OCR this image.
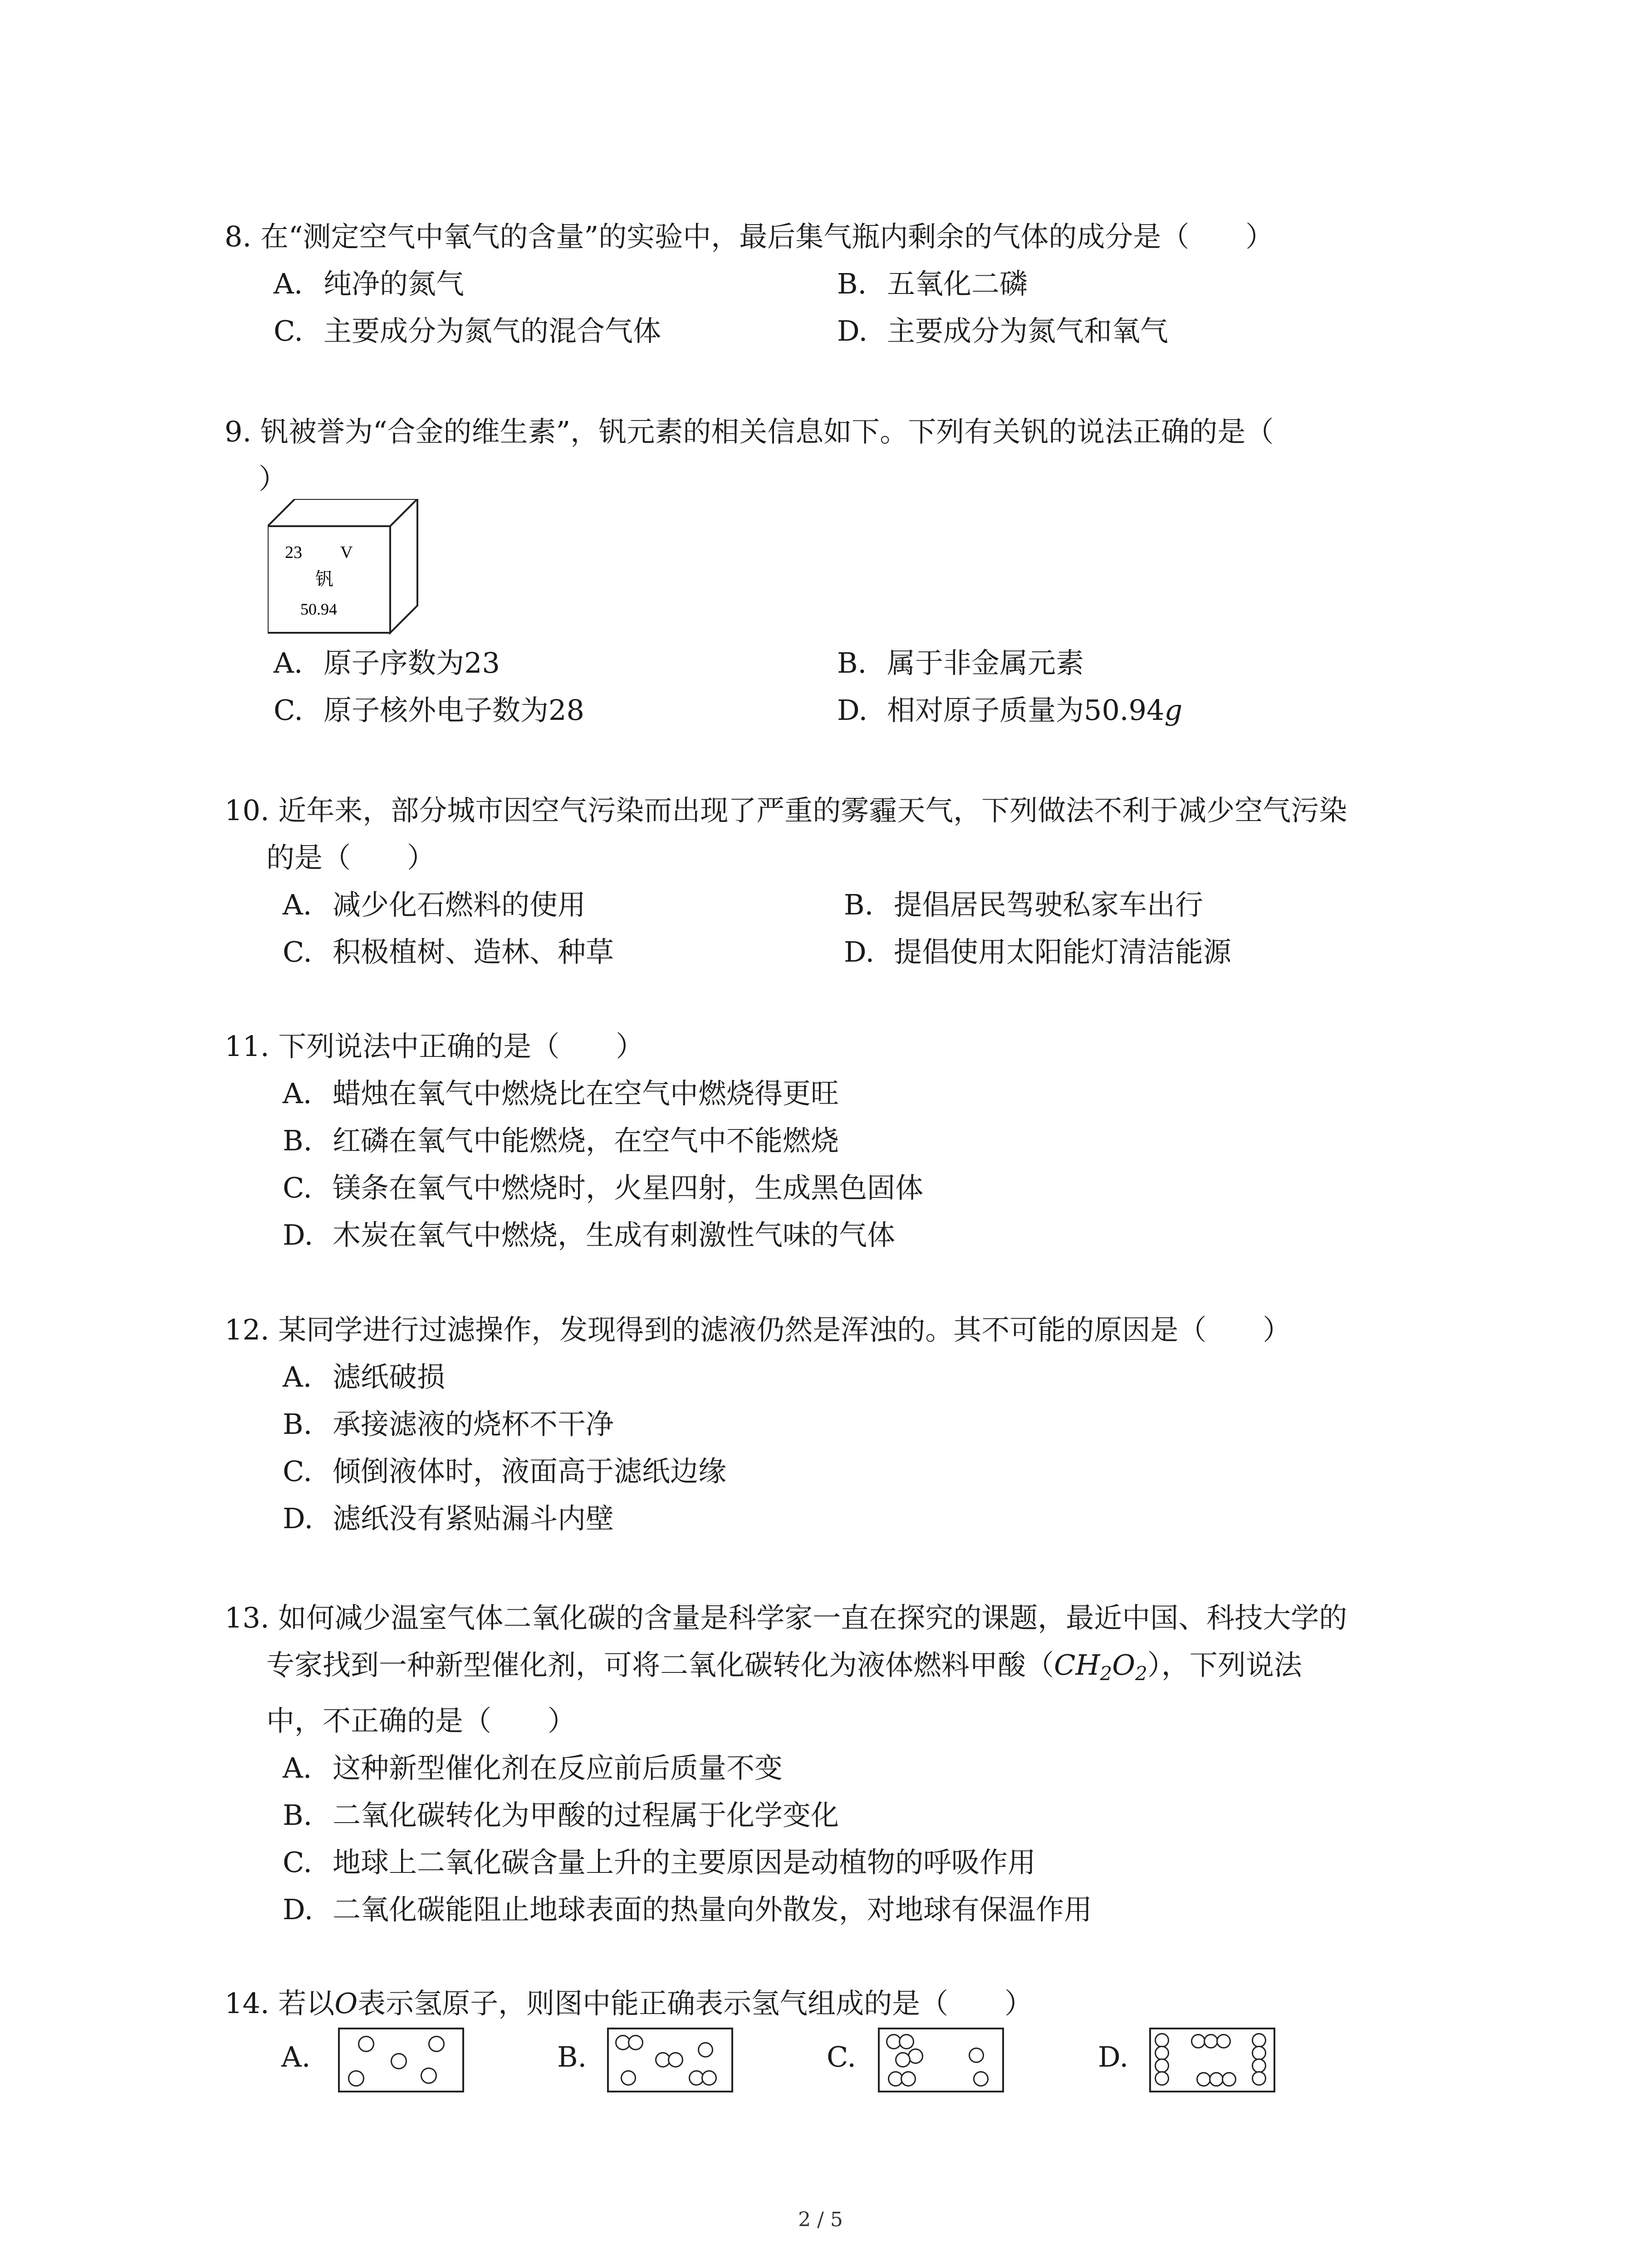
8. 在“测定空气中氧气的含量”的实验中，最后集气瓶内剩余的气体的成分是（　　）
A. 纯净的氮气	B. 五氧化二磷
C. 主要成分为氮气的混合气体	D. 主要成分为氮气和氧气
9. 钒被誉为“合金的维生素”，钒元素的相关信息如下。下列有关钒的说法正确的是（
）
23 V
钒
50.94
A. 原子序数为23	B. 属于非金属元素
C. 原子核外电子数为28	D. 相对原子质量为50.94g
10. 近年来，部分城市因空气污染而出现了严重的雾霾天气，下列做法不利于减少空气污染
的是（　　）
A. 减少化石燃料的使用	B. 提倡居民驾驶私家车出行
C. 积极植树、造林、种草	D. 提倡使用太阳能灯清洁能源
11. 下列说法中正确的是（　　）
A. 蜡烛在氧气中燃烧比在空气中燃烧得更旺
B. 红磷在氧气中能燃烧，在空气中不能燃烧
C. 镁条在氧气中燃烧时，火星四射，生成黑色固体
D. 木炭在氧气中燃烧，生成有刺激性气味的气体
12. 某同学进行过滤操作，发现得到的滤液仍然是浑浊的。其不可能的原因是（　　）
A. 滤纸破损
B. 承接滤液的烧杯不干净
C. 倾倒液体时，液面高于滤纸边缘
D. 滤纸没有紧贴漏斗内壁
13. 如何减少温室气体二氧化碳的含量是科学家一直在探究的课题，最近中国、科技大学的
专家找到一种新型催化剂，可将二氧化碳转化为液体燃料甲酸$(CH_2O_2)$，下列说法
中，不正确的是（　　）
A. 这种新型催化剂在反应前后质量不变
B. 二氧化碳转化为甲酸的过程属于化学变化
C. 地球上二氧化碳含量上升的主要原因是动植物的呼吸作用
D. 二氧化碳能阻止地球表面的热量向外散发，对地球有保温作用
14. 若以O表示氢原子，则图中能正确表示氢气组成的是（　　）
A.	B.	C.	D.
2 / 5
